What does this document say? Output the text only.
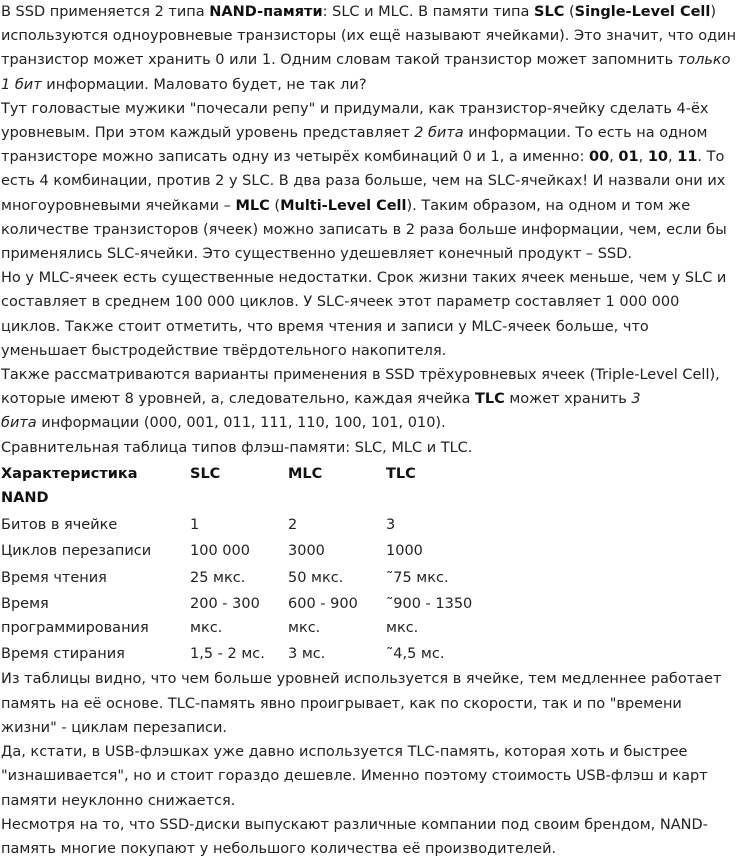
В SSD применяется 2 типа NAND-памяти: SLC и MLC. В памяти типа SLC (Single-Level Cell) используются одноуровневые транзисторы (их ещё называют ячейками). Это значит, что один транзистор может хранить 0 или 1. Одним словам такой транзистор может запомнить только 1 бит информации. Маловато будет, не так ли?

Тут головастые мужики "почесали репу" и придумали, как транзистор-ячейку сделать 4-ёх уровневым. При этом каждый уровень представляет 2 бита информации. То есть на одном транзисторе можно записать одну из четырёх комбинаций 0 и 1, а именно: 00, 01, 10, 11. То есть 4 комбинации, против 2 у SLC. В два раза больше, чем на SLC-ячейках! И назвали они их многоуровневыми ячейками – MLC (Multi-Level Cell). Таким образом, на одном и том же количестве транзисторов (ячеек) можно записать в 2 раза больше информации, чем, если бы применялись SLC-ячейки. Это существенно удешевляет конечный продукт – SSD.

Но у MLC-ячеек есть существенные недостатки. Срок жизни таких ячеек меньше, чем у SLC и составляет в среднем 100 000 циклов. У SLC-ячеек этот параметр составляет 1 000 000 циклов. Также стоит отметить, что время чтения и записи у MLC-ячеек больше, что уменьшает быстродействие твёрдотельного накопителя.

Также рассматриваются варианты применения в SSD трёхуровневых ячеек (Triple-Level Cell), которые имеют 8 уровней, а, следовательно, каждая ячейка TLC может хранить 3
бита информации (000, 001, 011, 111, 110, 100, 101, 010).

Сравнительная таблица типов флэш-памяти: SLC, MLC и TLC.

Характеристика NAND	SLC	MLC	TLC
Битов в ячейке	1	2	3
Циклов перезаписи	100 000	3000	1000
Время чтения	25 мкс.	50 мкс.	˜75 мкс.
Время программирования	200 - 300 мкс.	600 - 900 мкс.	˜900 - 1350 мкс.
Время стирания	1,5 - 2 мс.	3 мс.	˜4,5 мс.

Из таблицы видно, что чем больше уровней используется в ячейке, тем медленнее работает память на её основе. TLC-память явно проигрывает, как по скорости, так и по "времени жизни" - циклам перезаписи.

Да, кстати, в USB-флэшках уже давно используется TLC-память, которая хоть и быстрее "изнашивается", но и стоит гораздо дешевле. Именно поэтому стоимость USB-флэш и карт памяти неуклонно снижается.

Несмотря на то, что SSD-диски выпускают различные компании под своим брендом, NAND-память многие покупают у небольшого количества её производителей.
